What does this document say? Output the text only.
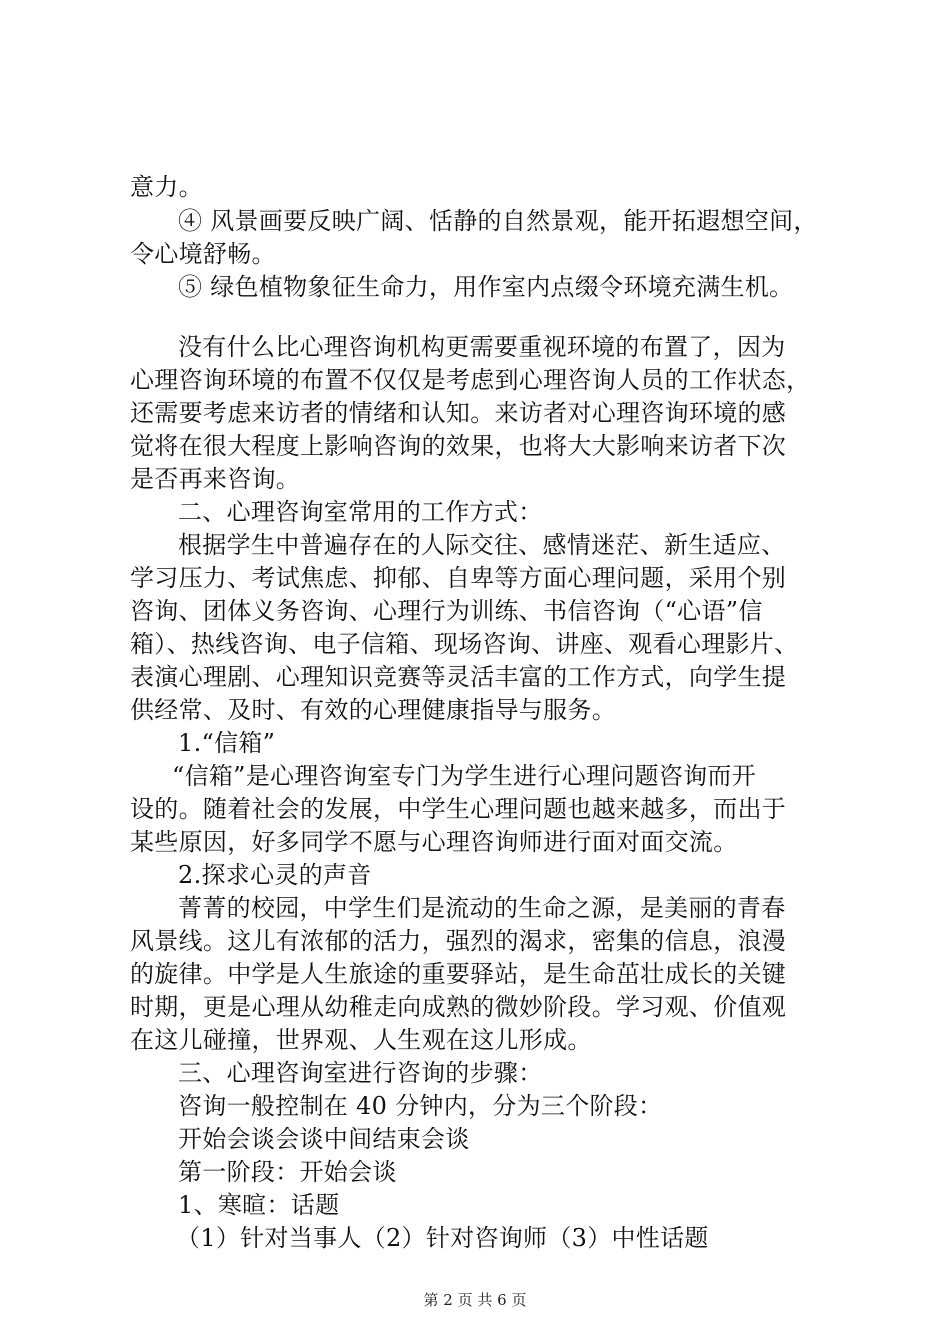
意力。
④ 风景画要反映广阔、恬静的自然景观，能开拓遐想空间，
令心境舒畅。
⑤ 绿色植物象征生命力，用作室内点缀令环境充满生机。
没有什么比心理咨询机构更需要重视环境的布置了，因为
心理咨询环境的布置不仅仅是考虑到心理咨询人员的工作状态，
还需要考虑来访者的情绪和认知。来访者对心理咨询环境的感
觉将在很大程度上影响咨询的效果，也将大大影响来访者下次
是否再来咨询。
二、心理咨询室常用的工作方式：
根据学生中普遍存在的人际交往、感情迷茫、新生适应、
学习压力、考试焦虑、抑郁、自卑等方面心理问题，采用个别
咨询、团体义务咨询、心理行为训练、书信咨询（“心语”信
箱）、热线咨询、电子信箱、现场咨询、讲座、观看心理影片、
表演心理剧、心理知识竞赛等灵活丰富的工作方式，向学生提
供经常、及时、有效的心理健康指导与服务。
1.“信箱”
“信箱”是心理咨询室专门为学生进行心理问题咨询而开
设的。随着社会的发展，中学生心理问题也越来越多，而出于
某些原因，好多同学不愿与心理咨询师进行面对面交流。
2.探求心灵的声音
菁菁的校园，中学生们是流动的生命之源，是美丽的青春
风景线。这儿有浓郁的活力，强烈的渴求，密集的信息，浪漫
的旋律。中学是人生旅途的重要驿站，是生命茁壮成长的关键
时期，更是心理从幼稚走向成熟的微妙阶段。学习观、价值观
在这儿碰撞，世界观、人生观在这儿形成。
三、心理咨询室进行咨询的步骤：
咨询一般控制在 40 分钟内，分为三个阶段：
开始会谈会谈中间结束会谈
第一阶段：开始会谈
1、寒暄：话题
（1）针对当事人（2）针对咨询师（3）中性话题
第 2 页 共 6 页
